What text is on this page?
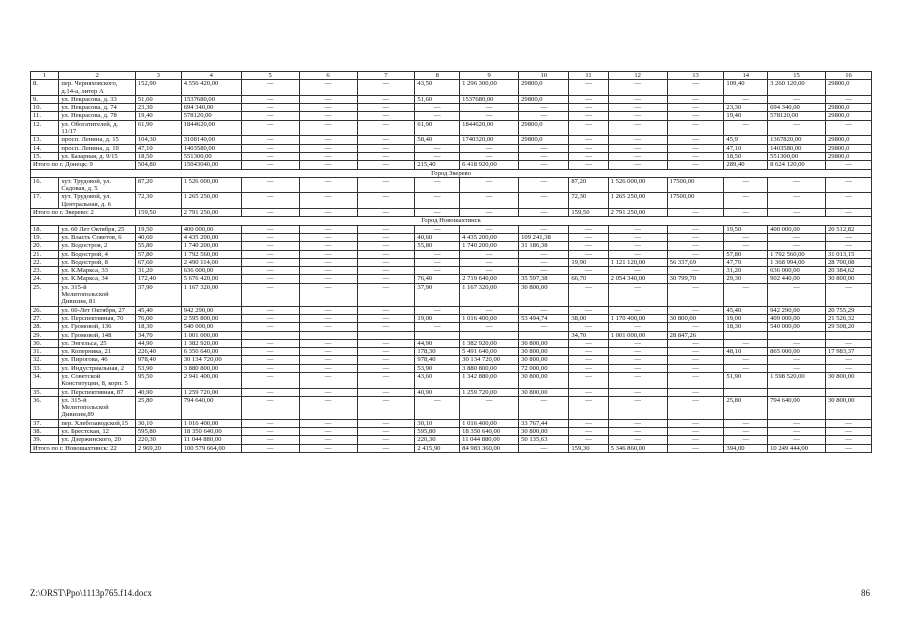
1	2	3	4	5	6	7	8	9	10	11	12	13	14	15	16
8.	пер. Черняховского, д.14-а, литер А	152,90	4 556 420,00	—	—	—	43,50	1 296 300,00	29800,0	—	—	—	109,40	3 260 120,00	29800,0
9.	ул. Некрасова, д. 33	51,60	1537680,00	—	—	—	51,60	1537680,00	29800,0	—	—	—	—	—	—
10.	ул. Некрасова, д. 74	23,30	694 340,00	—	—	—	—	—	—	—	—	—	23,30	694 340,00	29800,0
11.	ул. Некрасова, д. 78	19,40	578120,00	—	—	—	—	—	—	—	—	—	19,40	578120,00	29800,0
12.	ул. Обогатителей, д. 11/17	61,90	1844620,00	—	—	—	61,90	1844620,00	29800,0	—	—	—	—	—	—
13.	просп. Ленина, д. 15	104,30	3108140,00	—	—	—	58,40	1740320,00	29800,0	—	—	—	45,9	1367820,00	29800,0
14.	просп. Ленина, д. 19	47,10	1403580,00	—	—	—	—	—	—	—	—	—	47,10	1403580,00	29800,0
15.	ул. Базарная, д. 9/15	18,50	551300,00	—	—	—	—	—	—	—	—	—	18,50	551300,00	29800,0
Итого по г. Донецк: 9		504,80	15043040,00	—	—	—	215,40	6 418 920,00	—	—	—	—	289,40	8 624 120,00	—
Город Зверево															
16.	хут. Трудовой, ул. Садовая, д. 5	87,20	1 526 000,00	—	—	—	—	—	—	87,20	1 526 000,00	17500,00	—	—	—
17.	хут. Трудовой, ул. Центральная, д. 6	72,30	1 265 250,00	—	—	—	—	—	—	72,30	1 265 250,00	17500,00	—	—	—
Итого по г. Зверево: 2		159,50	2 791 250,00	—	—	—	—	—	—	159,50	2 791 250,00	—	—	—	—
Город Новошахтинск															
18.	ул. 60 Лет Октября, 25	19,50	400 000,00	—	—	—	—	—	—	—	—	—	19,50	400 000,00	20 512,82
19.	ул. Власть Советов, 6	40,60	4 435 200,00	—	—	—	40,60	4 435 200,00	109 241,38	—	—	—	—	—	—
20.	ул. Водостроя, 2	55,80	1 740 200,00	—	—	—	55,80	1 740 200,00	31 186,38	—	—	—	—	—	—
21.	ул. Водострой, 4	57,80	1 792 560,00	—	—	—	—	—	—	—	—	—	57,80	1 792 560,00	31 013,15
22.	ул. Водострой, 8	67,60	2 490 114,00	—	—	—	—	—	—	19,90	1 121 120,00	56 337,69	47,70	1 368 994,00	28 700,08
23.	ул. К.Маркса, 33	31,20	636 000,00	—	—	—	—	—	—	—	—	—	31,20	636 000,00	20 384,62
24.	ул. К.Маркса, 34	172,40	5 676 420,00	—	—	—	76,40	2 719 640,00	35 597,38	66,70	2 054 340,00	30 799,70	29,30	902 440,00	30 800,00
25.	ул. 315-й Мелитопольской Дивизии, 81	37,90	1 167 320,00	—	—	—	37,90	1 167 320,00	30 800,00	—	—	—	—	—	—
26.	ул. 60-Лет Октября, 27	45,40	942 290,00	—	—	—	—	—	—	—	—	—	45,40	942 290,00	20 755,29
27.	ул. Перспективная, 70	76,00	2 595 800,00	—	—	—	19,00	1 016 400,00	53 494,74	38,00	1 170 400,00	30 800,00	19,00	409 000,00	21 526,32
28.	ул. Громовой, 136	18,30	540 000,00	—	—	—	—	—	—	—	—	—	18,30	540 000,00	29 508,20
29.	ул. Громовой, 148	34,70	1 001 000,00							34,70	1 001 000,00	28 847,26			
30.	ул. Энгельса, 25	44,90	1 382 920,00	—	—	—	44,90	1 382 920,00	30 800,00	—	—	—	—	—	—
31.	ул. Коперника, 21	226,40	6 356 640,00	—	—	—	178,30	5 491 640,00	30 800,00	—	—	—	48,10	865 000,00	17 983,37
32.	ул. Пирогова, 46	978,40	30 134 720,00	—	—	—	978,40	30 134 720,00	30 800,00	—	—	—	—	—	—
33.	ул. Индустриальная, 2	53,90	3 880 800,00	—	—	—	53,90	3 880 800,00	72 000,00	—	—	—	—	—	—
34.	ул. Советской Конституции, 8, корп. 5	95,50	2 941 400,00	—	—	—	43,60	1 342 880,00	30 800,00	—	—	—	51,90	1 598 520,00	30 800,00
35.	ул. Перспективная, 87	40,90	1 259 720,00	—	—	—	40,90	1 259 720,00	30 800,00	—	—	—			
36.	ул. 315-й Мелитопольской Дивизии,89	25,80	794 640,00	—	—	—	—	—	—	—	—	—	25,80	794 640,00	30 800,00
37.	пер. Хлебозаводской,15	30,10	1 016 400,00	—	—	—	30,10	1 016 400,00	33 767,44	—	—	—	—	—	—
38.	ул. Брестская, 12	595,80	18 350 640,00	—	—	—	595,80	18 350 640,00	30 800,00	—	—	—	—	—	—
39.	ул. Дзержинского, 20	220,30	11 044 880,00	—	—	—	220,30	11 044 880,00	50 135,63	—	—	—	—	—	—
Итого по г. Новошахтинск: 22		2 969,20	100 579 664,00	—	—	—	2 415,90	84 983 360,00	—	159,30	5 346 860,00	—	394,00	10 249 444,00	—
Z:\ORST\Ppo\1113p765.f14.docx	86
